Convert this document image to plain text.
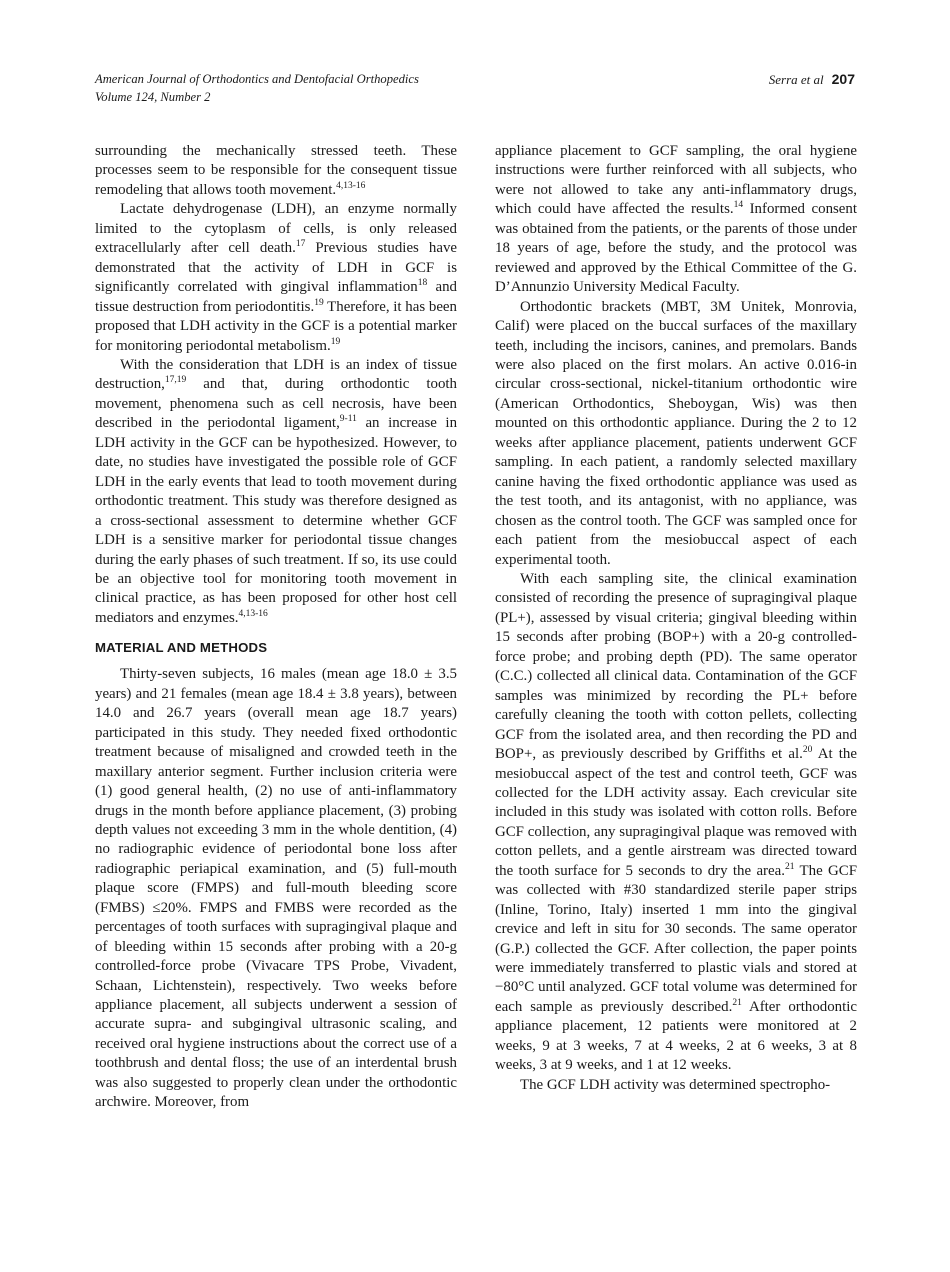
American Journal of Orthodontics and Dentofacial Orthopedics

Volume 124, Number 2

Serra et al 207

surrounding the mechanically stressed teeth. These processes seem to be responsible for the consequent tissue remodeling that allows tooth movement.$^{4,13-16}$

Lactate dehydrogenase (LDH), an enzyme normally limited to the cytoplasm of cells, is only released extracellularly after cell death.$^{17}$ Previous studies have demonstrated that the activity of LDH in GCF is significantly correlated with gingival inflammation$^{18}$ and tissue destruction from periodontitis.$^{19}$ Therefore, it has been proposed that LDH activity in the GCF is a potential marker for monitoring periodontal metabolism.$^{19}$

With the consideration that LDH is an index of tissue destruction,$^{17,19}$ and that, during orthodontic tooth movement, phenomena such as cell necrosis, have been described in the periodontal ligament,$^{9-11}$ an increase in LDH activity in the GCF can be hypothesized. However, to date, no studies have investigated the possible role of GCF LDH in the early events that lead to tooth movement during orthodontic treatment. This study was therefore designed as a cross-sectional assessment to determine whether GCF LDH is a sensitive marker for periodontal tissue changes during the early phases of such treatment. If so, its use could be an objective tool for monitoring tooth movement in clinical practice, as has been proposed for other host cell mediators and enzymes.$^{4,13-16}$

MATERIAL AND METHODS

Thirty-seven subjects, 16 males (mean age 18.0 ± 3.5 years) and 21 females (mean age 18.4 ± 3.8 years), between 14.0 and 26.7 years (overall mean age 18.7 years) participated in this study. They needed fixed orthodontic treatment because of misaligned and crowded teeth in the maxillary anterior segment. Further inclusion criteria were (1) good general health, (2) no use of anti-inflammatory drugs in the month before appliance placement, (3) probing depth values not exceeding 3 mm in the whole dentition, (4) no radiographic evidence of periodontal bone loss after radiographic periapical examination, and (5) full-mouth plaque score (FMPS) and full-mouth bleeding score (FMBS) ≤20%. FMPS and FMBS were recorded as the percentages of tooth surfaces with supragingival plaque and of bleeding within 15 seconds after probing with a 20-g controlled-force probe (Vivacare TPS Probe, Vivadent, Schaan, Lichtenstein), respectively. Two weeks before appliance placement, all subjects underwent a session of accurate supra- and subgingival ultrasonic scaling, and received oral hygiene instructions about the correct use of a toothbrush and dental floss; the use of an interdental brush was also suggested to properly clean under the orthodontic archwire. Moreover, from

appliance placement to GCF sampling, the oral hygiene instructions were further reinforced with all subjects, who were not allowed to take any anti-inflammatory drugs, which could have affected the results.$^{14}$ Informed consent was obtained from the patients, or the parents of those under 18 years of age, before the study, and the protocol was reviewed and approved by the Ethical Committee of the G. D’Annunzio University Medical Faculty.

Orthodontic brackets (MBT, 3M Unitek, Monrovia, Calif) were placed on the buccal surfaces of the maxillary teeth, including the incisors, canines, and premolars. Bands were also placed on the first molars. An active 0.016-in circular cross-sectional, nickel-titanium orthodontic wire (American Orthodontics, Sheboygan, Wis) was then mounted on this orthodontic appliance. During the 2 to 12 weeks after appliance placement, patients underwent GCF sampling. In each patient, a randomly selected maxillary canine having the fixed orthodontic appliance was used as the test tooth, and its antagonist, with no appliance, was chosen as the control tooth. The GCF was sampled once for each patient from the mesiobuccal aspect of each experimental tooth.

With each sampling site, the clinical examination consisted of recording the presence of supragingival plaque (PL+), assessed by visual criteria; gingival bleeding within 15 seconds after probing (BOP+) with a 20-g controlled-force probe; and probing depth (PD). The same operator (C.C.) collected all clinical data. Contamination of the GCF samples was minimized by recording the PL+ before carefully cleaning the tooth with cotton pellets, collecting GCF from the isolated area, and then recording the PD and BOP+, as previously described by Griffiths et al.$^{20}$ At the mesiobuccal aspect of the test and control teeth, GCF was collected for the LDH activity assay. Each crevicular site included in this study was isolated with cotton rolls. Before GCF collection, any supragingival plaque was removed with cotton pellets, and a gentle airstream was directed toward the tooth surface for 5 seconds to dry the area.$^{21}$ The GCF was collected with #30 standardized sterile paper strips (Inline, Torino, Italy) inserted 1 mm into the gingival crevice and left in situ for 30 seconds. The same operator (G.P.) collected the GCF. After collection, the paper points were immediately transferred to plastic vials and stored at −80°C until analyzed. GCF total volume was determined for each sample as previously described.$^{21}$ After orthodontic appliance placement, 12 patients were monitored at 2 weeks, 9 at 3 weeks, 7 at 4 weeks, 2 at 6 weeks, 3 at 8 weeks, 3 at 9 weeks, and 1 at 12 weeks.

The GCF LDH activity was determined spectropho-
